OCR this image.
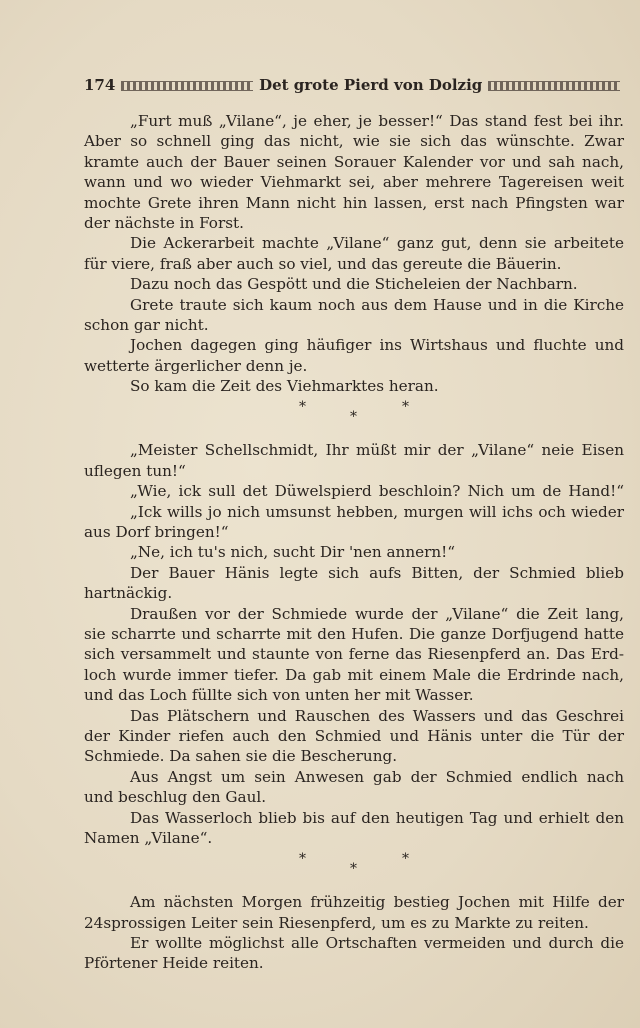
174	Det grote Pierd von Dolzig
„Furt muß „Vilane“, je eher, je besser!“ Das stand fest bei ihr.
Aber so schnell ging das nicht, wie sie sich das wünschte. Zwar
kramte auch der Bauer seinen Sorauer Kalender vor und sah nach,
wann und wo wieder Viehmarkt sei, aber mehrere Tagereisen weit
mochte Grete ihren Mann nicht hin lassen, erst nach Pfingsten war
der nächste in Forst.
Die Ackerarbeit machte „Vilane“ ganz gut, denn sie arbeitete
für viere, fraß aber auch so viel, und das gereute die Bäuerin.
Dazu noch das Gespött und die Sticheleien der Nachbarn.
Grete traute sich kaum noch aus dem Hause und in die Kirche
schon gar nicht.
Jochen dagegen ging häufiger ins Wirtshaus und fluchte und
wetterte ärgerlicher denn je.
So kam die Zeit des Viehmarktes heran.
*
*
*
„Meister Schellschmidt, Ihr müßt mir der „Vilane“ neie Eisen
uflegen tun!“
„Wie, ick sull det Düwelspierd beschloin? Nich um de Hand!“
„Ick wills jo nich umsunst hebben, murgen will ichs och wieder
aus Dorf bringen!“
„Ne, ich tu's nich, sucht Dir 'nen annern!“
Der Bauer Hänis legte sich aufs Bitten, der Schmied blieb
hartnäckig.
Draußen vor der Schmiede wurde der „Vilane“ die Zeit lang,
sie scharrte und scharrte mit den Hufen. Die ganze Dorfjugend hatte
sich versammelt und staunte von ferne das Riesenpferd an. Das Erd-
loch wurde immer tiefer. Da gab mit einem Male die Erdrinde nach,
und das Loch füllte sich von unten her mit Wasser.
Das Plätschern und Rauschen des Wassers und das Geschrei
der Kinder riefen auch den Schmied und Hänis unter die Tür der
Schmiede. Da sahen sie die Bescherung.
Aus Angst um sein Anwesen gab der Schmied endlich nach
und beschlug den Gaul.
Das Wasserloch blieb bis auf den heutigen Tag und erhielt den
Namen „Vilane“.
*
*
*
Am nächsten Morgen frühzeitig bestieg Jochen mit Hilfe der
24sprossigen Leiter sein Riesenpferd, um es zu Markte zu reiten.
Er wollte möglichst alle Ortschaften vermeiden und durch die
Pförtener Heide reiten.
